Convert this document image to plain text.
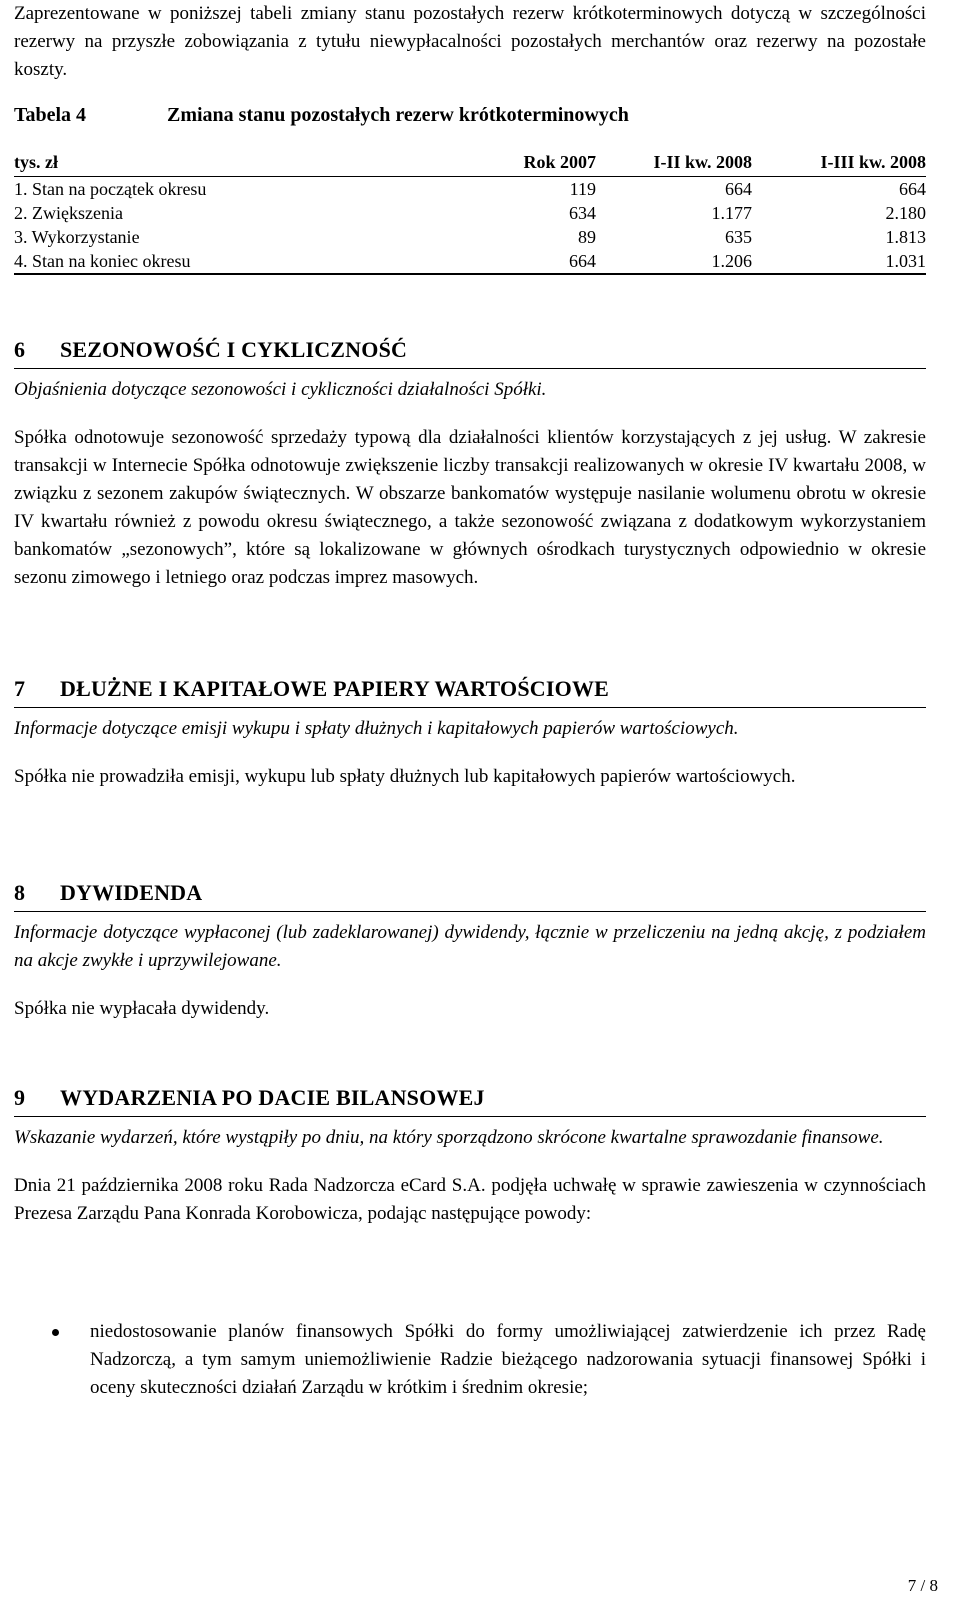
Zaprezentowane w poniższej tabeli zmiany stanu pozostałych rezerw krótkoterminowych dotyczą w szczególności rezerwy na przyszłe zobowiązania z tytułu niewypłacalności pozostałych merchantów oraz rezerwy na pozostałe koszty.

Tabela 4	Zmiana stanu pozostałych rezerw krótkoterminowych
tys. zł	Rok 2007	I-II kw. 2008	I-III kw. 2008
1. Stan na początek okresu	119	664	664
2. Zwiększenia	634	1.177	2.180
3. Wykorzystanie	89	635	1.813
4. Stan na koniec okresu	664	1.206	1.031
6 SEZONOWOŚĆ I CYKLICZNOŚĆ

Objaśnienia dotyczące sezonowości i cykliczności działalności Spółki.

Spółka odnotowuje sezonowość sprzedaży typową dla działalności klientów korzystających z jej usług. W zakresie transakcji w Internecie Spółka odnotowuje zwiększenie liczby transakcji realizowanych w okresie IV kwartału 2008, w związku z sezonem zakupów świątecznych. W obszarze bankomatów występuje nasilanie wolumenu obrotu w okresie IV kwartału również z powodu okresu świątecznego, a także sezonowość związana z dodatkowym wykorzystaniem bankomatów „sezonowych”, które są lokalizowane w głównych ośrodkach turystycznych odpowiednio w okresie sezonu zimowego i letniego oraz podczas imprez masowych.

7 DŁUŻNE I KAPITAŁOWE PAPIERY WARTOŚCIOWE

Informacje dotyczące emisji wykupu i spłaty dłużnych i kapitałowych papierów wartościowych.

Spółka nie prowadziła emisji, wykupu lub spłaty dłużnych lub kapitałowych papierów wartościowych.

8 DYWIDENDA

Informacje dotyczące wypłaconej (lub zadeklarowanej) dywidendy, łącznie w przeliczeniu na jedną akcję, z podziałem na akcje zwykłe i uprzywilejowane.

Spółka nie wypłacała dywidendy.

9 WYDARZENIA PO DACIE BILANSOWEJ

Wskazanie wydarzeń, które wystąpiły po dniu, na który sporządzono skrócone kwartalne sprawozdanie finansowe.

Dnia 21 października 2008 roku Rada Nadzorcza eCard S.A. podjęła uchwałę w sprawie zawieszenia w czynnościach Prezesa Zarządu Pana Konrada Korobowicza, podając następujące powody:

niedostosowanie planów finansowych Spółki do formy umożliwiającej zatwierdzenie ich przez Radę Nadzorczą, a tym samym uniemożliwienie Radzie bieżącego nadzorowania sytuacji finansowej Spółki i oceny skuteczności działań Zarządu w krótkim i średnim okresie;
7 / 8
